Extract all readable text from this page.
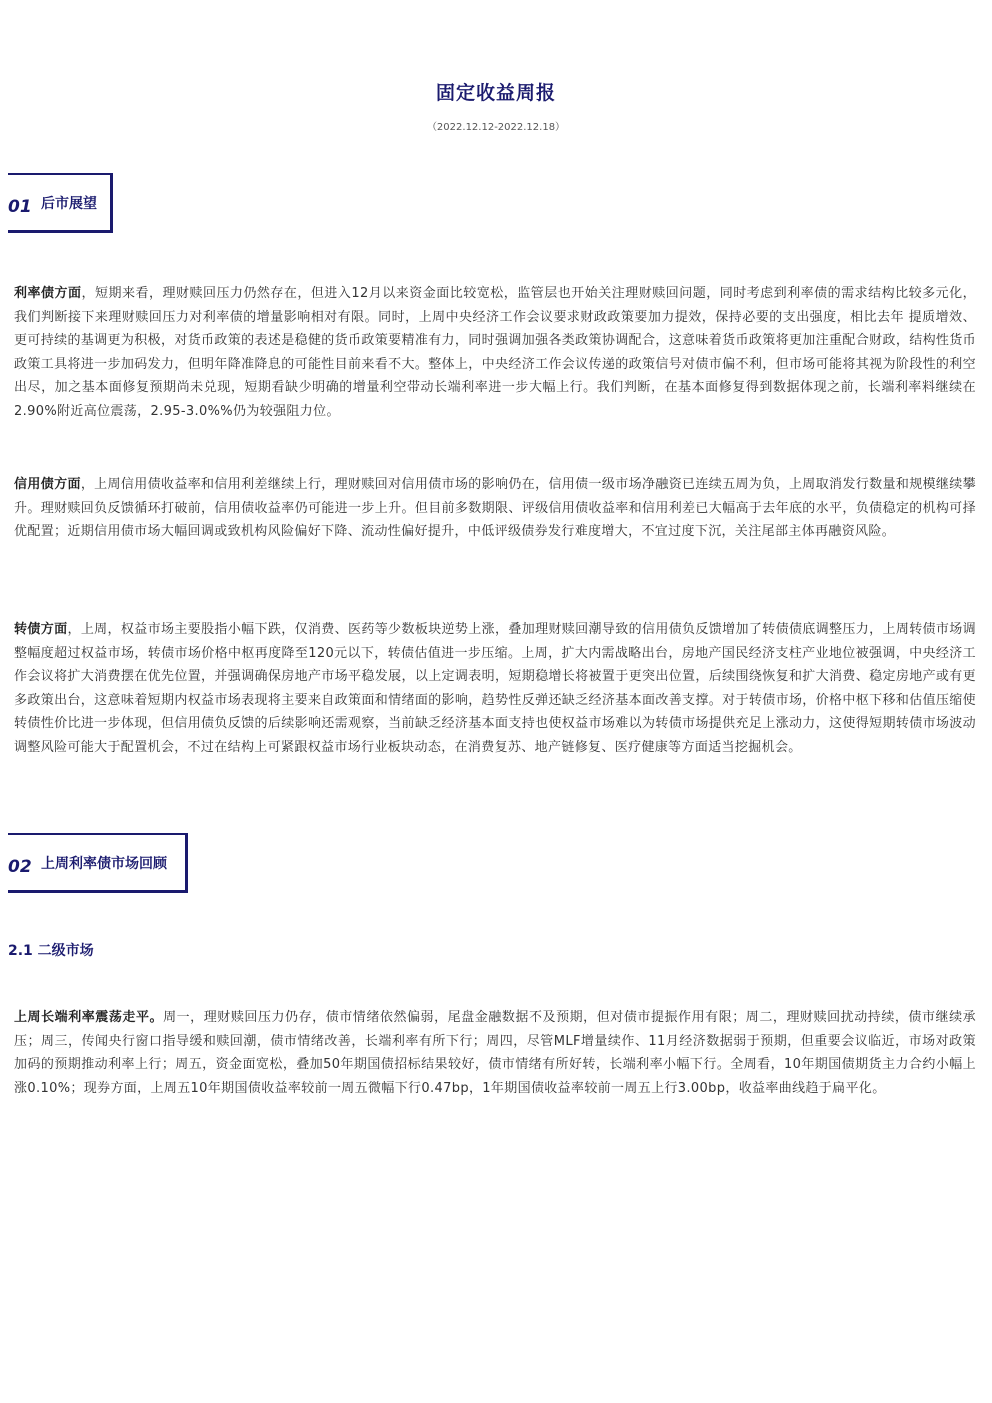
固定收益周报
（2022.12.12-2022.12.18）
01 后市展望

利率债方面，短期来看，理财赎回压力仍然存在，但进入12月以来资金面比较宽松，监管层也开始关注理财赎回问题，同时考虑到利率债的需求结构比较多元化，我们判断接下来理财赎回压力对利率债的增量影响相对有限。同时，上周中央经济工作会议要求财政政策要加力提效，保持必要的支出强度，相比去年 提质增效、更可持续的基调更为积极，对货币政策的表述是稳健的货币政策要精准有力，同时强调加强各类政策协调配合，这意味着货币政策将更加注重配合财政，结构性货币政策工具将进一步加码发力，但明年降准降息的可能性目前来看不大。整体上，中央经济工作会议传递的政策信号对债市偏不利，但市场可能将其视为阶段性的利空出尽，加之基本面修复预期尚未兑现，短期看缺少明确的增量利空带动长端利率进一步大幅上行。我们判断，在基本面修复得到数据体现之前，长端利率料继续在2.90%附近高位震荡，2.95-3.0%%仍为较强阻力位。

信用债方面，上周信用债收益率和信用利差继续上行，理财赎回对信用债市场的影响仍在，信用债一级市场净融资已连续五周为负，上周取消发行数量和规模继续攀升。理财赎回负反馈循环打破前，信用债收益率仍可能进一步上升。但目前多数期限、评级信用债收益率和信用利差已大幅高于去年底的水平，负债稳定的机构可择优配置；近期信用债市场大幅回调或致机构风险偏好下降、流动性偏好提升，中低评级债券发行难度增大，不宜过度下沉，关注尾部主体再融资风险。

转债方面，上周，权益市场主要股指小幅下跌，仅消费、医药等少数板块逆势上涨，叠加理财赎回潮导致的信用债负反馈增加了转债债底调整压力，上周转债市场调整幅度超过权益市场，转债市场价格中枢再度降至120元以下，转债估值进一步压缩。上周，扩大内需战略出台，房地产国民经济支柱产业地位被强调，中央经济工作会议将扩大消费摆在优先位置，并强调确保房地产市场平稳发展，以上定调表明，短期稳增长将被置于更突出位置，后续围绕恢复和扩大消费、稳定房地产或有更多政策出台，这意味着短期内权益市场表现将主要来自政策面和情绪面的影响，趋势性反弹还缺乏经济基本面改善支撑。对于转债市场，价格中枢下移和估值压缩使转债性价比进一步体现，但信用债负反馈的后续影响还需观察，当前缺乏经济基本面支持也使权益市场难以为转债市场提供充足上涨动力，这使得短期转债市场波动调整风险可能大于配置机会，不过在结构上可紧跟权益市场行业板块动态，在消费复苏、地产链修复、医疗健康等方面适当挖掘机会。

02 上周利率债市场回顾
2.1 二级市场

上周长端利率震荡走平。周一，理财赎回压力仍存，债市情绪依然偏弱，尾盘金融数据不及预期，但对债市提振作用有限；周二，理财赎回扰动持续，债市继续承压；周三，传闻央行窗口指导缓和赎回潮，债市情绪改善，长端利率有所下行；周四，尽管MLF增量续作、11月经济数据弱于预期，但重要会议临近，市场对政策加码的预期推动利率上行；周五，资金面宽松，叠加50年期国债招标结果较好，债市情绪有所好转，长端利率小幅下行。全周看，10年期国债期货主力合约小幅上涨0.10%；现券方面，上周五10年期国债收益率较前一周五微幅下行0.47bp，1年期国债收益率较前一周五上行3.00bp，收益率曲线趋于扁平化。
